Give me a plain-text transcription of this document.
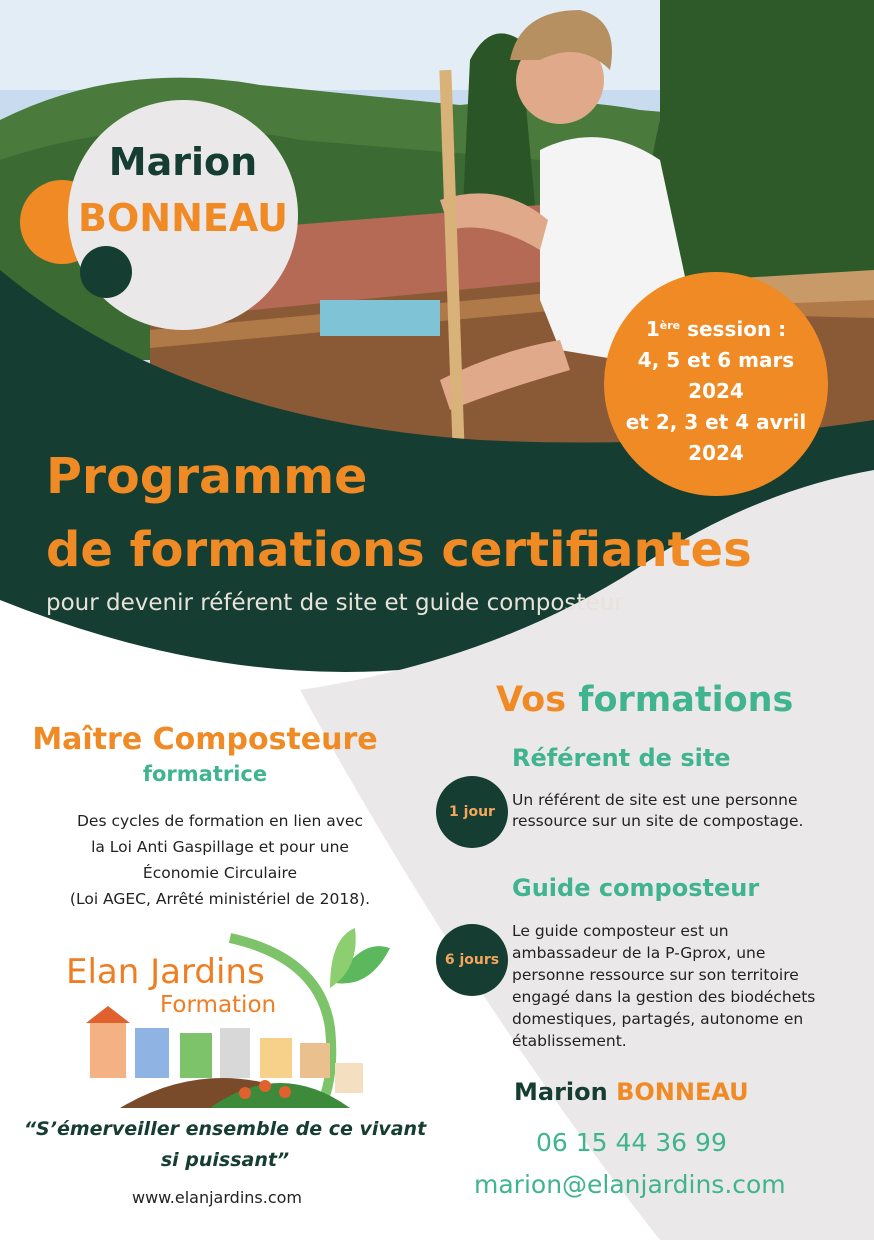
Marion
BONNEAU
1ère session :
4, 5 et 6 mars
2024
et 2, 3 et 4 avril
2024
Programme
de formations certifiantes
pour devenir référent de site et guide composteur
Maître Composteure
formatrice
Des cycles de formation en lien avec
la Loi Anti Gaspillage et pour une
Économie Circulaire
(Loi AGEC, Arrêté ministériel de 2018).
Elan Jardins
Formation
“S’émerveiller ensemble de ce vivant
si puissant”
www.elanjardins.com
Vos formations
Référent de site
1 jour
Un référent de site est une personne
ressource sur un site de compostage.
Guide composteur
6 jours
Le guide composteur est un
ambassadeur de la P-Gprox, une
personne ressource sur son territoire
engagé dans la gestion des biodéchets
domestiques, partagés, autonome en
établissement.
Marion BONNEAU
06 15 44 36 99
marion@elanjardins.com
